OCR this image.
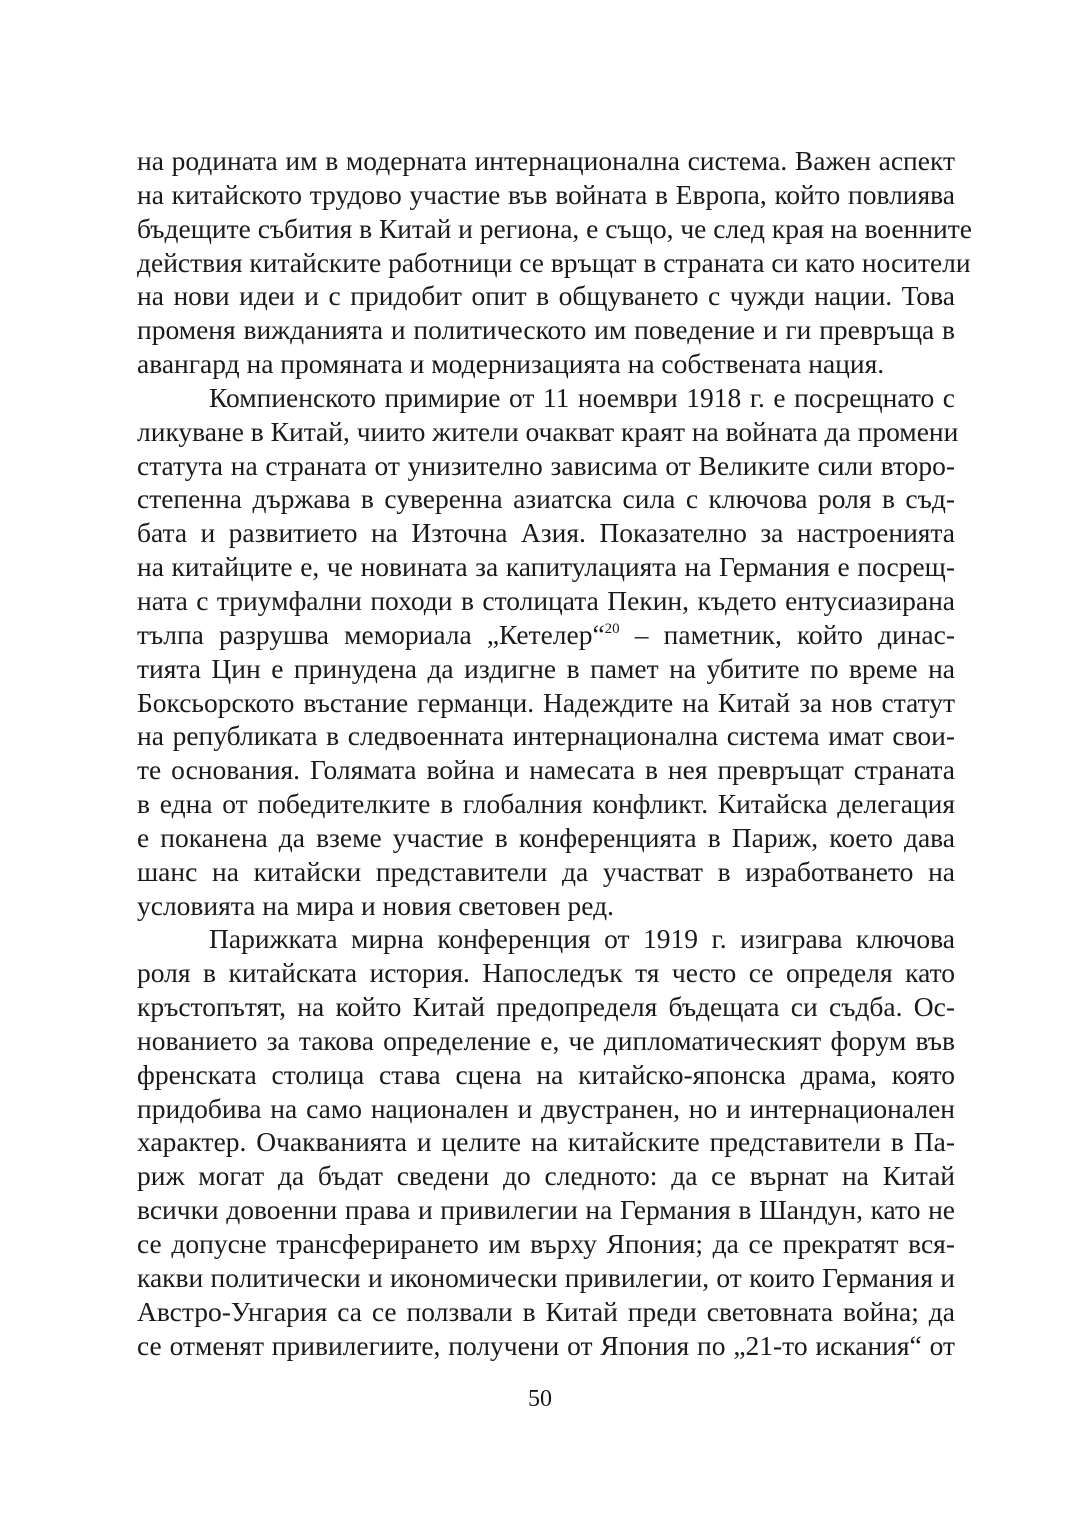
на родината им в модерната интернационална система. Важен аспект
на китайското трудово участие във войната в Европа, който повлиява
бъдещите събития в Китай и региона, е също, че след края на военните
действия китайските работници се връщат в страната си като носители
на нови идеи и с придобит опит в общуването с чужди нации. Това
променя вижданията и политическото им поведение и ги превръща в
авангард на промяната и модернизацията на собствената нация.
Компиенското примирие от 11 ноември 1918 г. е посрещнато с
ликуване в Китай, чиито жители очакват краят на войната да промени
статута на страната от унизително зависима от Великите сили второ-
степенна държава в суверенна азиатска сила с ключова роля в съд-
бата и развитието на Източна Азия. Показателно за настроенията
на китайците е, че новината за капитулацията на Германия е посрещ-
ната с триумфални походи в столицата Пекин, където ентусиазирана
тълпа разрушва мемориала „Кетелер“$^{20}$ – паметник, който динас-
тията Цин е принудена да издигне в памет на убитите по време на
Боксьорското въстание германци. Надеждите на Китай за нов статут
на републиката в следвоенната интернационална система имат свои-
те основания. Голямата война и намесата в нея превръщат страната
в една от победителките в глобалния конфликт. Китайска делегация
е поканена да вземе участие в конференцията в Париж, което дава
шанс на китайски представители да участват в изработването на
условията на мира и новия световен ред.
Парижката мирна конференция от 1919 г. изиграва ключова
роля в китайската история. Напоследък тя често се определя като
кръстопътят, на който Китай предопределя бъдещата си съдба. Ос-
нованието за такова определение е, че дипломатическият форум във
френската столица става сцена на китайско-японска драма, която
придобива на само национален и двустранен, но и интернационален
характер. Очакванията и целите на китайските представители в Па-
риж могат да бъдат сведени до следното: да се върнат на Китай
всички довоенни права и привилегии на Германия в Шандун, като не
се допусне трансферирането им върху Япония; да се прекратят вся-
какви политически и икономически привилегии, от които Германия и
Австро-Унгария са се ползвали в Китай преди световната война; да
се отменят привилегиите, получени от Япония по „21-то искания“ от
50
